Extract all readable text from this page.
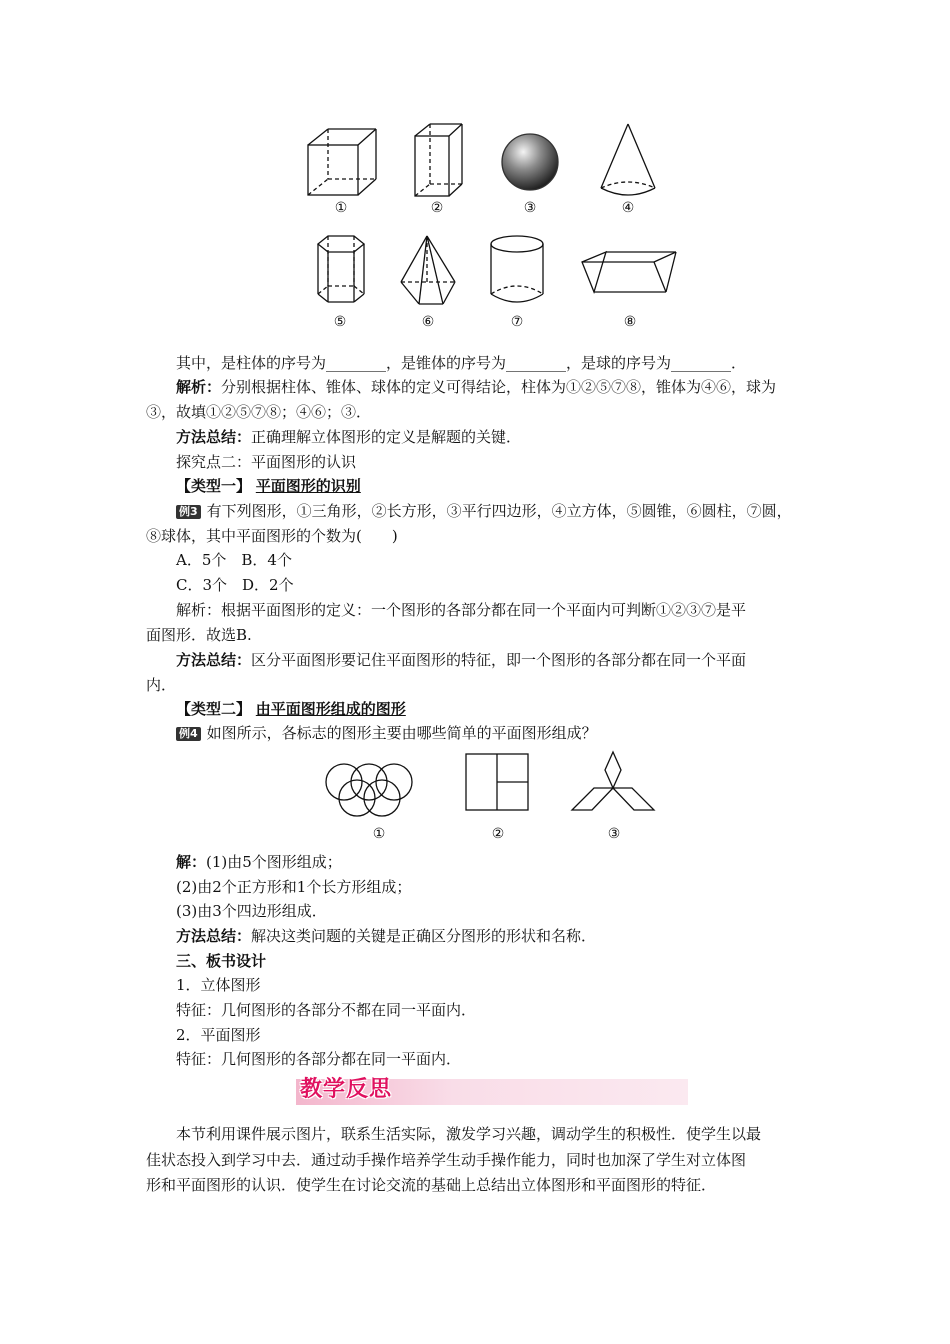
①	②	③	④
⑤	⑥	⑦	⑧
其中，是柱体的序号为________，是锥体的序号为________，是球的序号为________．
解析：分别根据柱体、锥体、球体的定义可得结论，柱体为①②⑤⑦⑧，锥体为④⑥，球为
③，故填①②⑤⑦⑧；④⑥；③．
方法总结：正确理解立体图形的定义是解题的关键．
探究点二：平面图形的认识
【类型一】 平面图形的识别
例3 有下列图形，①三角形，②长方形，③平行四边形，④立方体，⑤圆锥，⑥圆柱，⑦圆，
⑧球体，其中平面图形的个数为(　　)
A．5个　B．4个
C．3个　D．2个
解析：根据平面图形的定义：一个图形的各部分都在同一个平面内可判断①②③⑦是平
面图形．故选B.
方法总结：区分平面图形要记住平面图形的特征，即一个图形的各部分都在同一个平面
内．
【类型二】 由平面图形组成的图形
例4 如图所示，各标志的图形主要由哪些简单的平面图形组成？
①	②	③
解：(1)由5个图形组成；
(2)由2个正方形和1个长方形组成；
(3)由3个四边形组成．
方法总结：解决这类问题的关键是正确区分图形的形状和名称．
三、板书设计
1．立体图形
特征：几何图形的各部分不都在同一平面内．
2．平面图形
特征：几何图形的各部分都在同一平面内．
教学反思
本节利用课件展示图片，联系生活实际，激发学习兴趣，调动学生的积极性．使学生以最
佳状态投入到学习中去．通过动手操作培养学生动手操作能力，同时也加深了学生对立体图
形和平面图形的认识．使学生在讨论交流的基础上总结出立体图形和平面图形的特征．
